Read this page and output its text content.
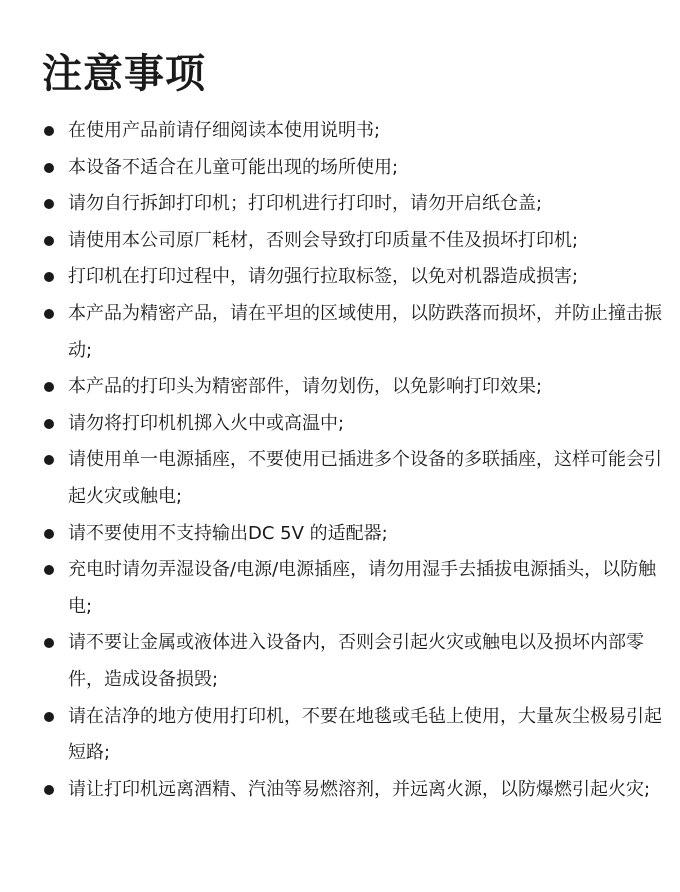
注意事项
在使用产品前请仔细阅读本使用说明书;
本设备不适合在儿童可能出现的场所使用;
请勿自行拆卸打印机；打印机进行打印时，请勿开启纸仓盖;
请使用本公司原厂耗材，否则会导致打印质量不佳及损坏打印机;
打印机在打印过程中，请勿强行拉取标签，以免对机器造成损害;
本产品为精密产品，请在平坦的区域使用，以防跌落而损坏，并防止撞击振动;
本产品的打印头为精密部件，请勿划伤，以免影响打印效果;
请勿将打印机机掷入火中或高温中;
请使用单一电源插座，不要使用已插进多个设备的多联插座，这样可能会引起火灾或触电;
请不要使用不支持输出DC 5V 的适配器;
充电时请勿弄湿设备/电源/电源插座，请勿用湿手去插拔电源插头，以防触电;
请不要让金属或液体进入设备内，否则会引起火灾或触电以及损坏内部零件，造成设备损毁;
请在洁净的地方使用打印机，不要在地毯或毛毡上使用，大量灰尘极易引起短路;
请让打印机远离酒精、汽油等易燃溶剂，并远离火源，以防爆燃引起火灾;
